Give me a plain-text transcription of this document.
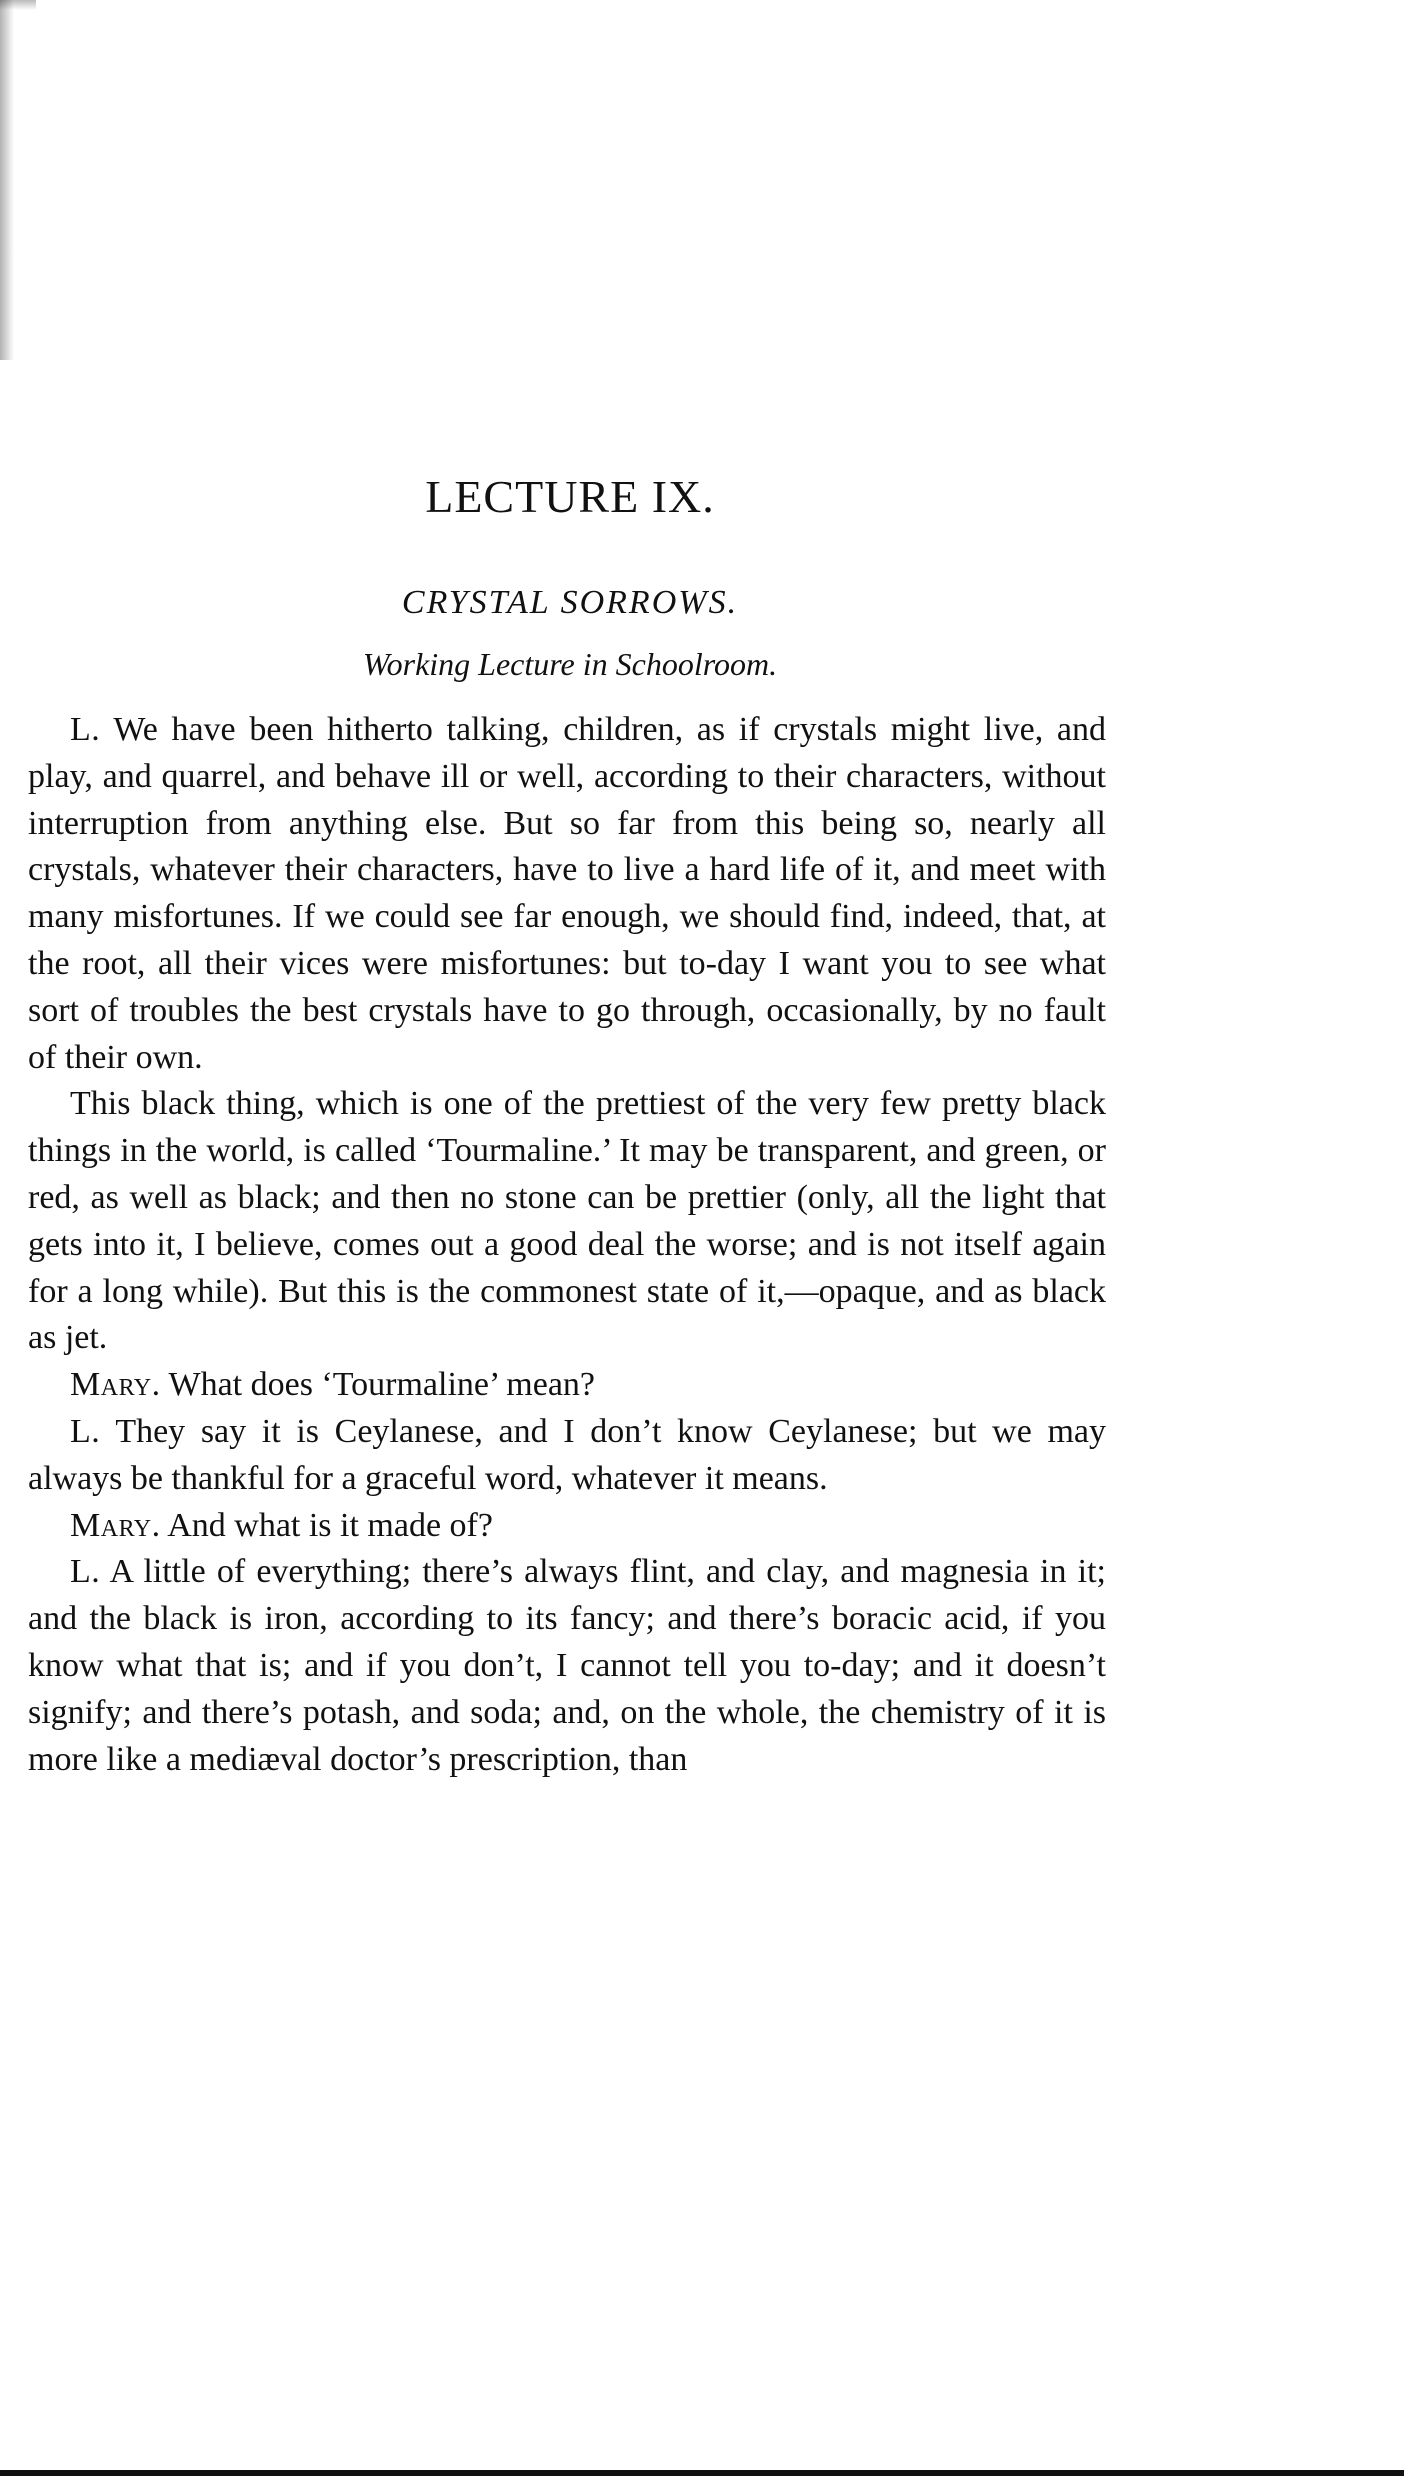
LECTURE IX.
CRYSTAL SORROWS.
Working Lecture in Schoolroom.

L. We have been hitherto talking, children, as if crystals might live, and play, and quarrel, and behave ill or well, according to their characters, without interruption from anything else. But so far from this being so, nearly all crystals, whatever their characters, have to live a hard life of it, and meet with many misfortunes. If we could see far enough, we should find, indeed, that, at the root, all their vices were misfortunes: but to-day I want you to see what sort of troubles the best crystals have to go through, occasionally, by no fault of their own.

This black thing, which is one of the prettiest of the very few pretty black things in the world, is called ‘Tourmaline.’ It may be transparent, and green, or red, as well as black; and then no stone can be prettier (only, all the light that gets into it, I believe, comes out a good deal the worse; and is not itself again for a long while). But this is the commonest state of it,—opaque, and as black as jet.

Mary. What does ‘Tourmaline’ mean?

L. They say it is Ceylanese, and I don’t know Ceylanese; but we may always be thankful for a graceful word, whatever it means.

Mary. And what is it made of?

L. A little of everything; there’s always flint, and clay, and magnesia in it; and the black is iron, according to its fancy; and there’s boracic acid, if you know what that is; and if you don’t, I cannot tell you to-day; and it doesn’t signify; and there’s potash, and soda; and, on the whole, the chemistry of it is more like a mediæval doctor’s prescription, than
